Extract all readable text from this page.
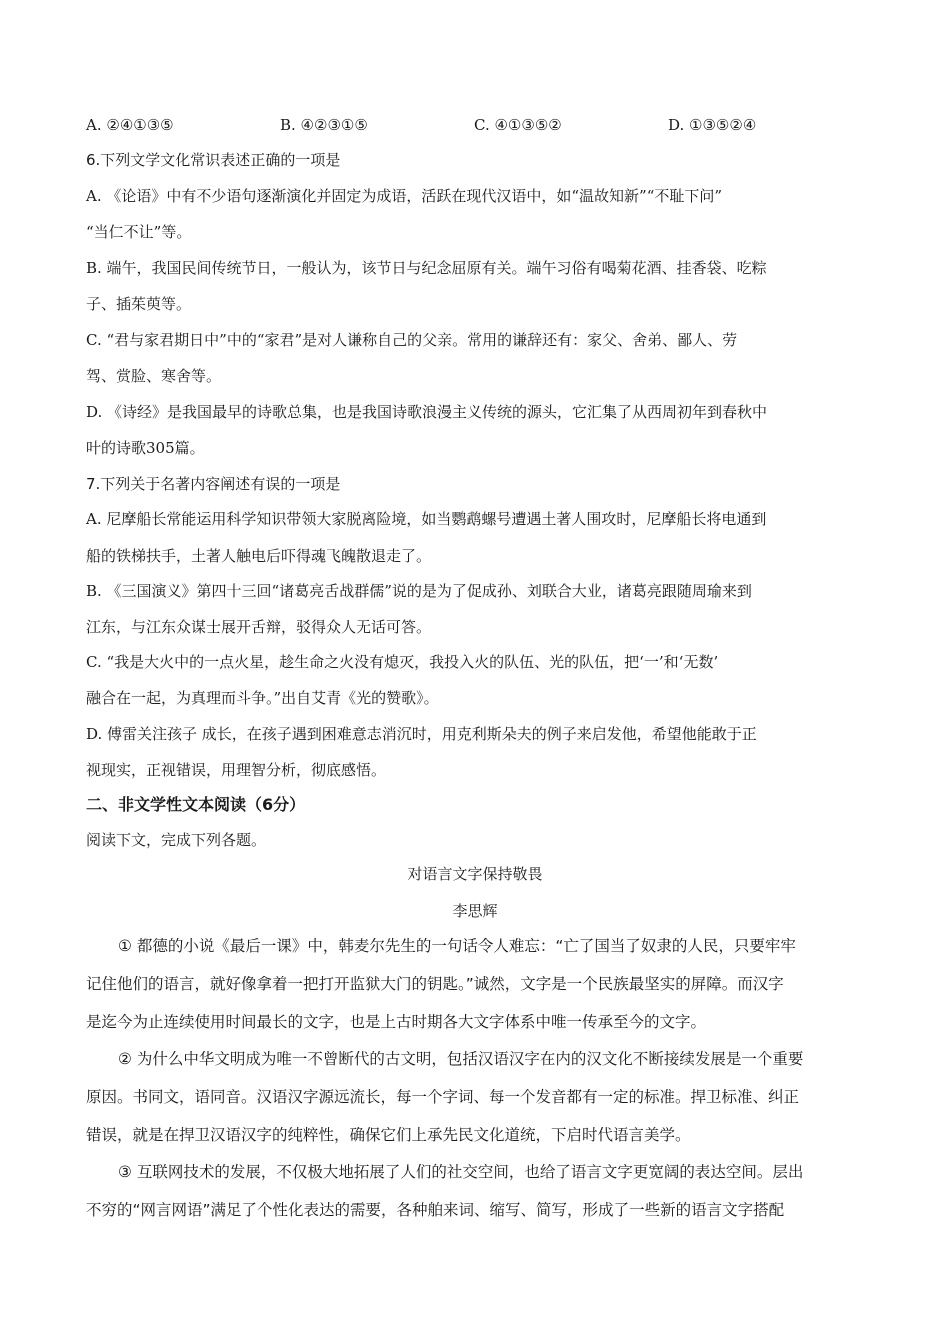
A. ②④①③⑤	B. ④②③①⑤	C. ④①③⑤②	D. ①③⑤②④
6.下列文学文化常识表述正确的一项是
A. 《论语》中有不少语句逐渐演化并固定为成语，活跃在现代汉语中，如“温故知新”“不耻下问”
“当仁不让”等。
B. 端午，我国民间传统节日，一般认为，该节日与纪念屈原有关。端午习俗有喝菊花酒、挂香袋、吃粽
子、插茱萸等。
C. “君与家君期日中”中的“家君”是对人谦称自己的父亲。常用的谦辞还有：家父、舍弟、鄙人、劳
驾、赏脸、寒舍等。
D. 《诗经》是我国最早的诗歌总集，也是我国诗歌浪漫主义传统的源头，它汇集了从西周初年到春秋中
叶的诗歌305篇。
7.下列关于名著内容阐述有误的一项是
A. 尼摩船长常能运用科学知识带领大家脱离险境，如当鹦鹉螺号遭遇土著人围攻时，尼摩船长将电通到
船的铁梯扶手，土著人触电后吓得魂飞魄散退走了。
B. 《三国演义》第四十三回“诸葛亮舌战群儒”说的是为了促成孙、刘联合大业，诸葛亮跟随周瑜来到
江东，与江东众谋士展开舌辩，驳得众人无话可答。
C. “我是大火中的一点火星，趁生命之火没有熄灭，我投入火的队伍、光的队伍，把‘一’和‘无数’
融合在一起，为真理而斗争。”出自艾青《光的赞歌》。
D. 傅雷关注孩子 成长，在孩子遇到困难意志消沉时，用克利斯朵夫的例子来启发他，希望他能敢于正
视现实，正视错误，用理智分析，彻底感悟。
二、非文学性文本阅读（6分）
阅读下文，完成下列各题。
对语言文字保持敬畏
李思辉
① 都德的小说《最后一课》中，韩麦尔先生的一句话令人难忘：“亡了国当了奴隶的人民，只要牢牢
记住他们的语言，就好像拿着一把打开监狱大门的钥匙。”诚然，文字是一个民族最坚实的屏障。而汉字
是迄今为止连续使用时间最长的文字，也是上古时期各大文字体系中唯一传承至今的文字。
② 为什么中华文明成为唯一不曾断代的古文明，包括汉语汉字在内的汉文化不断接续发展是一个重要
原因。书同文，语同音。汉语汉字源远流长，每一个字词、每一个发音都有一定的标准。捍卫标准、纠正
错误，就是在捍卫汉语汉字的纯粹性，确保它们上承先民文化道统，下启时代语言美学。
③ 互联网技术的发展，不仅极大地拓展了人们的社交空间，也给了语言文字更宽阔的表达空间。层出
不穷的“网言网语”满足了个性化表达的需要，各种舶来词、缩写、简写，形成了一些新的语言文字搭配
